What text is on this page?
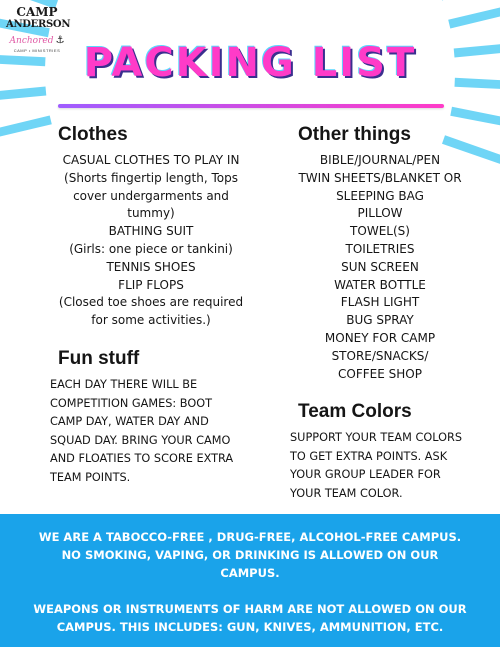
CAMP
ANDERSON
Anchored ⚓
CAMP • MINISTRIES PACKING LIST
Clothes
CASUAL CLOTHES TO PLAY IN
(Shorts fingertip length, Tops
cover undergarments and
tummy)
BATHING SUIT
(Girls: one piece or tankini)
TENNIS SHOES
FLIP FLOPS
(Closed toe shoes are required
for some activities.)
Fun stuff
EACH DAY THERE WILL BE
COMPETITION GAMES: BOOT
CAMP DAY, WATER DAY AND
SQUAD DAY. BRING YOUR CAMO
AND FLOATIES TO SCORE EXTRA
TEAM POINTS.
Other things
BIBLE/JOURNAL/PEN
TWIN SHEETS/BLANKET OR
SLEEPING BAG
PILLOW
TOWEL(S)
TOILETRIES
SUN SCREEN
WATER BOTTLE
FLASH LIGHT
BUG SPRAY
MONEY FOR CAMP
STORE/SNACKS/
COFFEE SHOP
Team Colors
SUPPORT YOUR TEAM COLORS
TO GET EXTRA POINTS. ASK
YOUR GROUP LEADER FOR
YOUR TEAM COLOR.
WE ARE A TABOCCO-FREE , DRUG-FREE, ALCOHOL-FREE CAMPUS.
NO SMOKING, VAPING, OR DRINKING IS ALLOWED ON OUR
CAMPUS.
WEAPONS OR INSTRUMENTS OF HARM ARE NOT ALLOWED ON OUR
CAMPUS. THIS INCLUDES: GUN, KNIVES, AMMUNITION, ETC.
